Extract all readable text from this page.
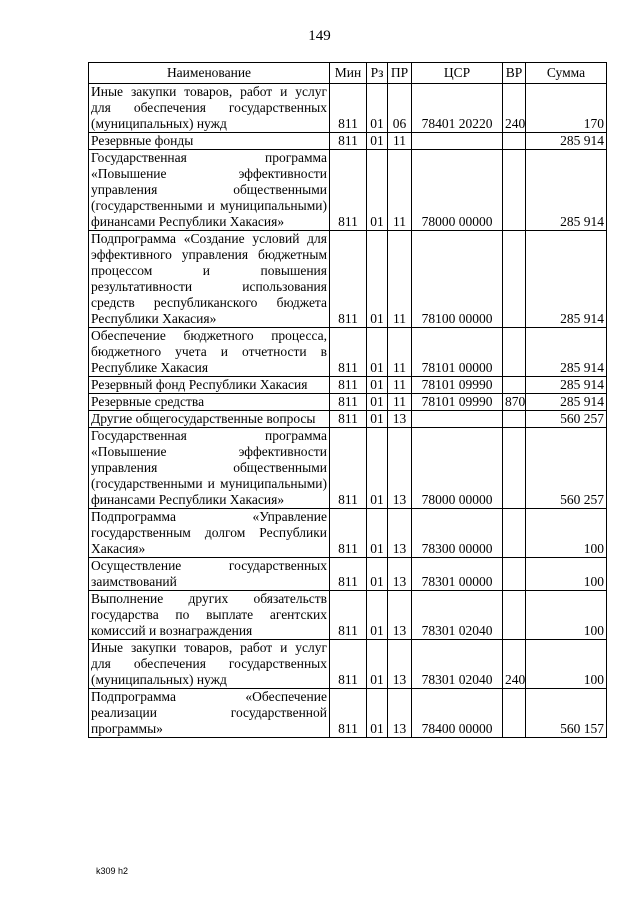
149
Наименование	Мин	Рз	ПР	ЦСР	ВР	Сумма
Иные закупки товаров, работ и услуг для обеспечения государственных (муниципальных) нужд	811	01	06	78401 20220	240	170
Резервные фонды	811	01	11			285 914
Государственная программа «Повышение эффективности управления общественными (государственными и муниципальными) финансами Республики Хакасия»	811	01	11	78000 00000		285 914
Подпрограмма «Создание условий для эффективного управления бюджетным процессом и повышения результативности использования средств республиканского бюджета Республики Хакасия»	811	01	11	78100 00000		285 914
Обеспечение бюджетного процесса, бюджетного учета и отчетности в Республике Хакасия	811	01	11	78101 00000		285 914
Резервный фонд Республики Хакасия	811	01	11	78101 09990		285 914
Резервные средства	811	01	11	78101 09990	870	285 914
Другие общегосударственные вопросы	811	01	13			560 257
Государственная программа «Повышение эффективности управления общественными (государственными и муниципальными) финансами Республики Хакасия»	811	01	13	78000 00000		560 257
Подпрограмма «Управление государственным долгом Республики Хакасия»	811	01	13	78300 00000		100
Осуществление государственных заимствований	811	01	13	78301 00000		100
Выполнение других обязательств государства по выплате агентских комиссий и вознаграждения	811	01	13	78301 02040		100
Иные закупки товаров, работ и услуг для обеспечения государственных (муниципальных) нужд	811	01	13	78301 02040	240	100
Подпрограмма «Обеспечение реализации государственной программы»	811	01	13	78400 00000		560 157
k309 h2
